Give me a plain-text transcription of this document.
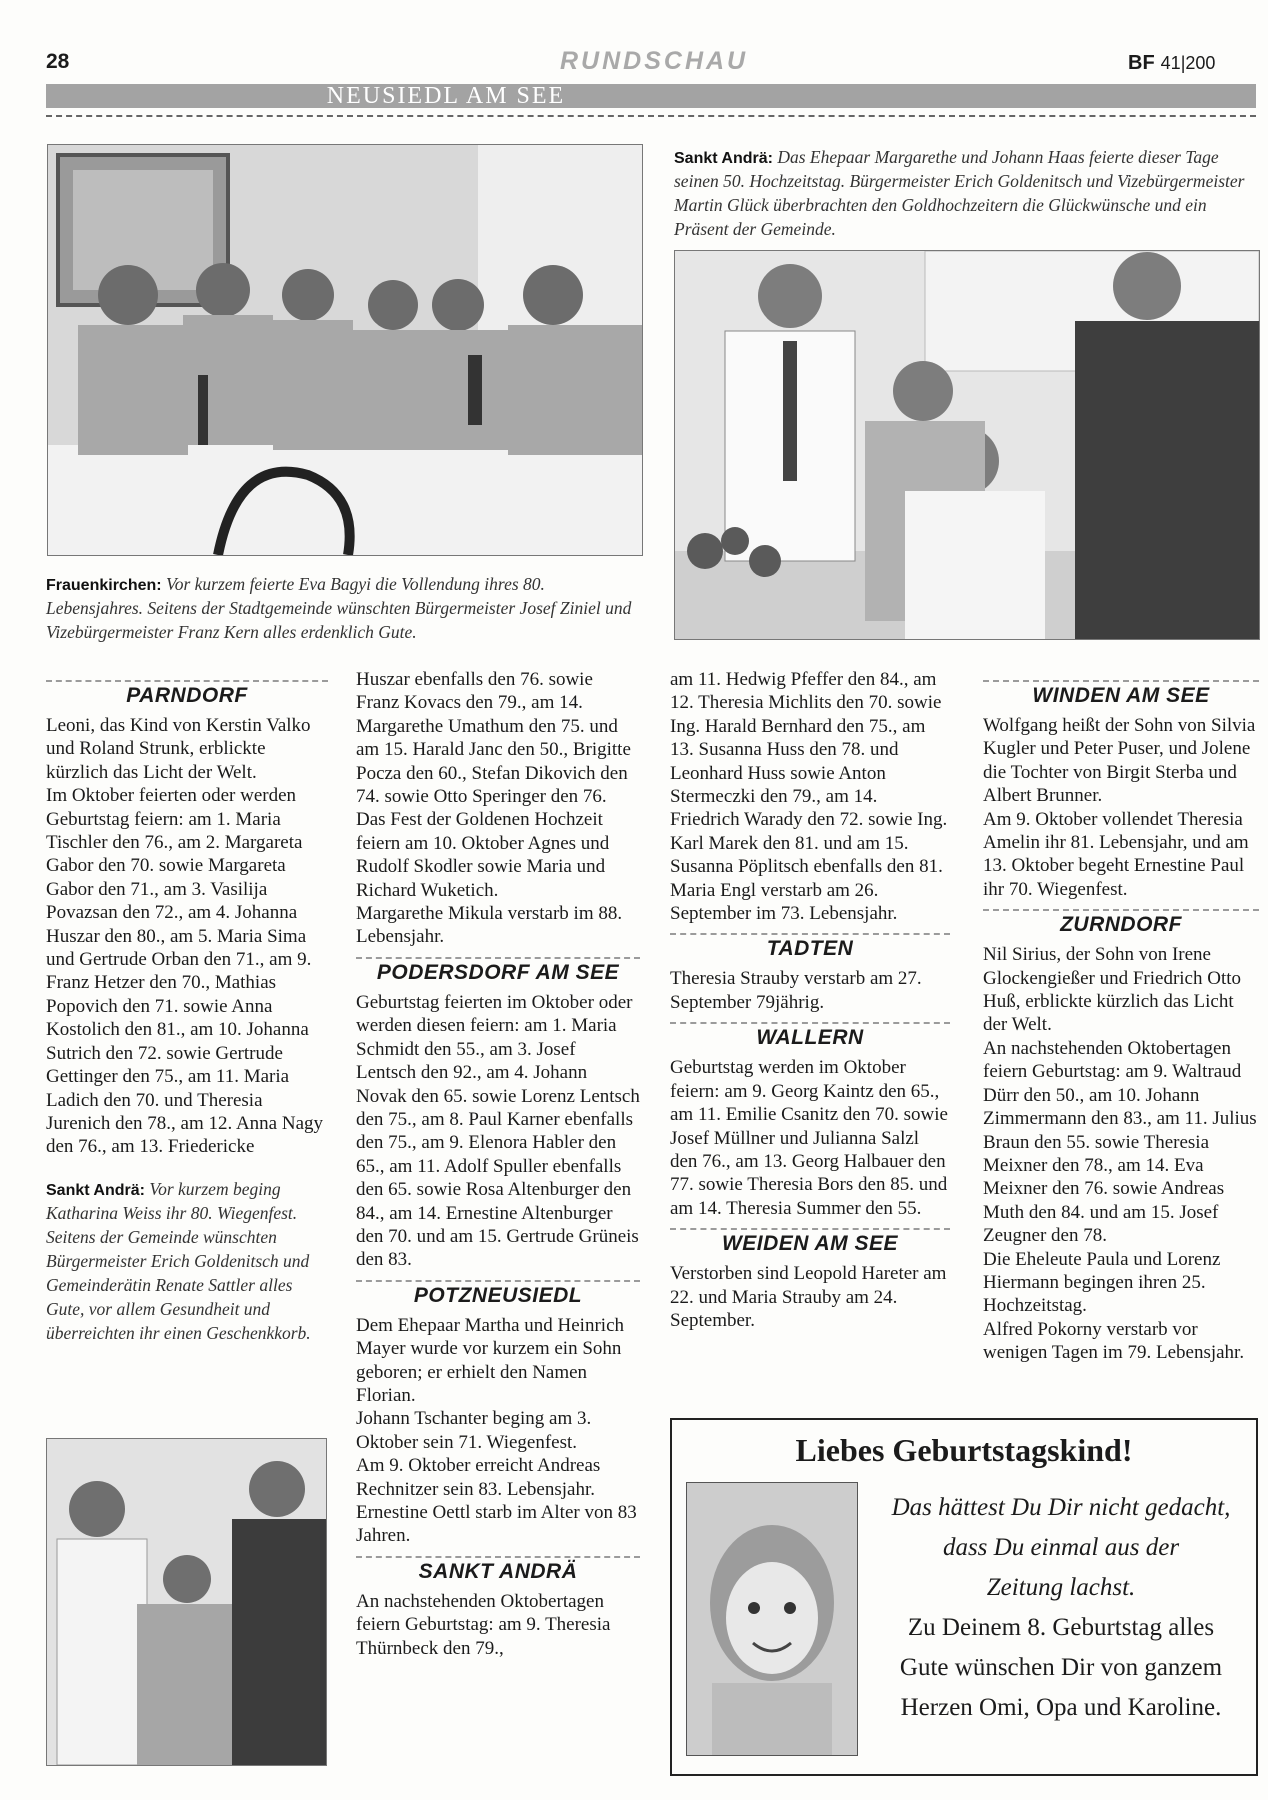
28	RUNDSCHAU	BF 41|200
NEUSIEDL AM SEE
Sankt Andrä: Das Ehepaar Margarethe und Johann Haas feierte dieser Tage seinen 50. Hochzeitstag. Bürgermeister Erich Goldenitsch und Vizebürgermeister Martin Glück überbrachten den Goldhochzeitern die Glückwünsche und ein Präsent der Gemeinde.
Frauenkirchen: Vor kurzem feierte Eva Bagyi die Vollendung ihres 80. Lebensjahres. Seitens der Stadtgemeinde wünschten Bürgermeister Josef Ziniel und Vizebürgermeister Franz Kern alles erdenklich Gute.
PARNDORF

Leoni, das Kind von Kerstin Valko und Roland Strunk, erblickte kürzlich das Licht der Welt.

Im Oktober feierten oder werden Geburtstag feiern: am 1. Maria Tischler den 76., am 2. Margareta Gabor den 70. sowie Margareta Gabor den 71., am 3. Vasilija Povazsan den 72., am 4. Johanna Huszar den 80., am 5. Maria Sima und Gertrude Orban den 71., am 9. Franz Hetzer den 70., Mathias Popovich den 71. sowie Anna Kostolich den 81., am 10. Johanna Sutrich den 72. sowie Gertrude Gettinger den 75., am 11. Maria Ladich den 70. und Theresia Jurenich den 78., am 12. Anna Nagy den 76., am 13. Friedericke

Sankt Andrä: Vor kurzem beging Katharina Weiss ihr 80. Wiegenfest. Seitens der Gemeinde wünschten Bürgermeister Erich Goldenitsch und Gemeinderätin Renate Sattler alles Gute, vor allem Gesundheit und überreichten ihr einen Geschenkkorb.

Huszar ebenfalls den 76. sowie Franz Kovacs den 79., am 14. Margarethe Umathum den 75. und am 15. Harald Janc den 50., Brigitte Pocza den 60., Stefan Dikovich den 74. sowie Otto Speringer den 76.

Das Fest der Goldenen Hochzeit feiern am 10. Oktober Agnes und Rudolf Skodler sowie Maria und Richard Wuketich.

Margarethe Mikula verstarb im 88. Lebensjahr.

PODERSDORF AM SEE

Geburtstag feierten im Oktober oder werden diesen feiern: am 1. Maria Schmidt den 55., am 3. Josef Lentsch den 92., am 4. Johann Novak den 65. sowie Lorenz Lentsch den 75., am 8. Paul Karner ebenfalls den 75., am 9. Elenora Habler den 65., am 11. Adolf Spuller ebenfalls den 65. sowie Rosa Altenburger den 84., am 14. Ernestine Altenburger den 70. und am 15. Gertrude Grüneis den 83.

POTZNEUSIEDL

Dem Ehepaar Martha und Heinrich Mayer wurde vor kurzem ein Sohn geboren; er erhielt den Namen Florian.

Johann Tschanter beging am 3. Oktober sein 71. Wiegenfest.

Am 9. Oktober erreicht Andreas Rechnitzer sein 83. Lebensjahr.

Ernestine Oettl starb im Alter von 83 Jahren.

SANKT ANDRÄ

An nachstehenden Oktobertagen feiern Geburtstag: am 9. Theresia Thürnbeck den 79.,

am 11. Hedwig Pfeffer den 84., am 12. Theresia Michlits den 70. sowie Ing. Harald Bernhard den 75., am 13. Susanna Huss den 78. und Leonhard Huss sowie Anton Stermeczki den 79., am 14. Friedrich Warady den 72. sowie Ing. Karl Marek den 81. und am 15. Susanna Pöplitsch ebenfalls den 81.

Maria Engl verstarb am 26. September im 73. Lebensjahr.

TADTEN

Theresia Strauby verstarb am 27. September 79jährig.

WALLERN

Geburtstag werden im Oktober feiern: am 9. Georg Kaintz den 65., am 11. Emilie Csanitz den 70. sowie Josef Müllner und Julianna Salzl den 76., am 13. Georg Halbauer den 77. sowie Theresia Bors den 85. und am 14. Theresia Summer den 55.

WEIDEN AM SEE

Verstorben sind Leopold Hareter am 22. und Maria Strauby am 24. September.

WINDEN AM SEE

Wolfgang heißt der Sohn von Silvia Kugler und Peter Puser, und Jolene die Tochter von Birgit Sterba und Albert Brunner.

Am 9. Oktober vollendet Theresia Amelin ihr 81. Lebensjahr, und am 13. Oktober begeht Ernestine Paul ihr 70. Wiegenfest.

ZURNDORF

Nil Sirius, der Sohn von Irene Glockengießer und Friedrich Otto Huß, erblickte kürzlich das Licht der Welt.

An nachstehenden Oktobertagen feiern Geburtstag: am 9. Waltraud Dürr den 50., am 10. Johann Zimmermann den 83., am 11. Julius Braun den 55. sowie Theresia Meixner den 78., am 14. Eva Meixner den 76. sowie Andreas Muth den 84. und am 15. Josef Zeugner den 78.

Die Eheleute Paula und Lorenz Hiermann begingen ihren 25. Hochzeitstag.

Alfred Pokorny verstarb vor wenigen Tagen im 79. Lebensjahr.

Liebes Geburtstagskind!
Das hättest Du Dir nicht gedacht,
dass Du einmal aus der
Zeitung lachst.
Zu Deinem 8. Geburtstag alles
Gute wünschen Dir von ganzem
Herzen Omi, Opa und Karoline.
